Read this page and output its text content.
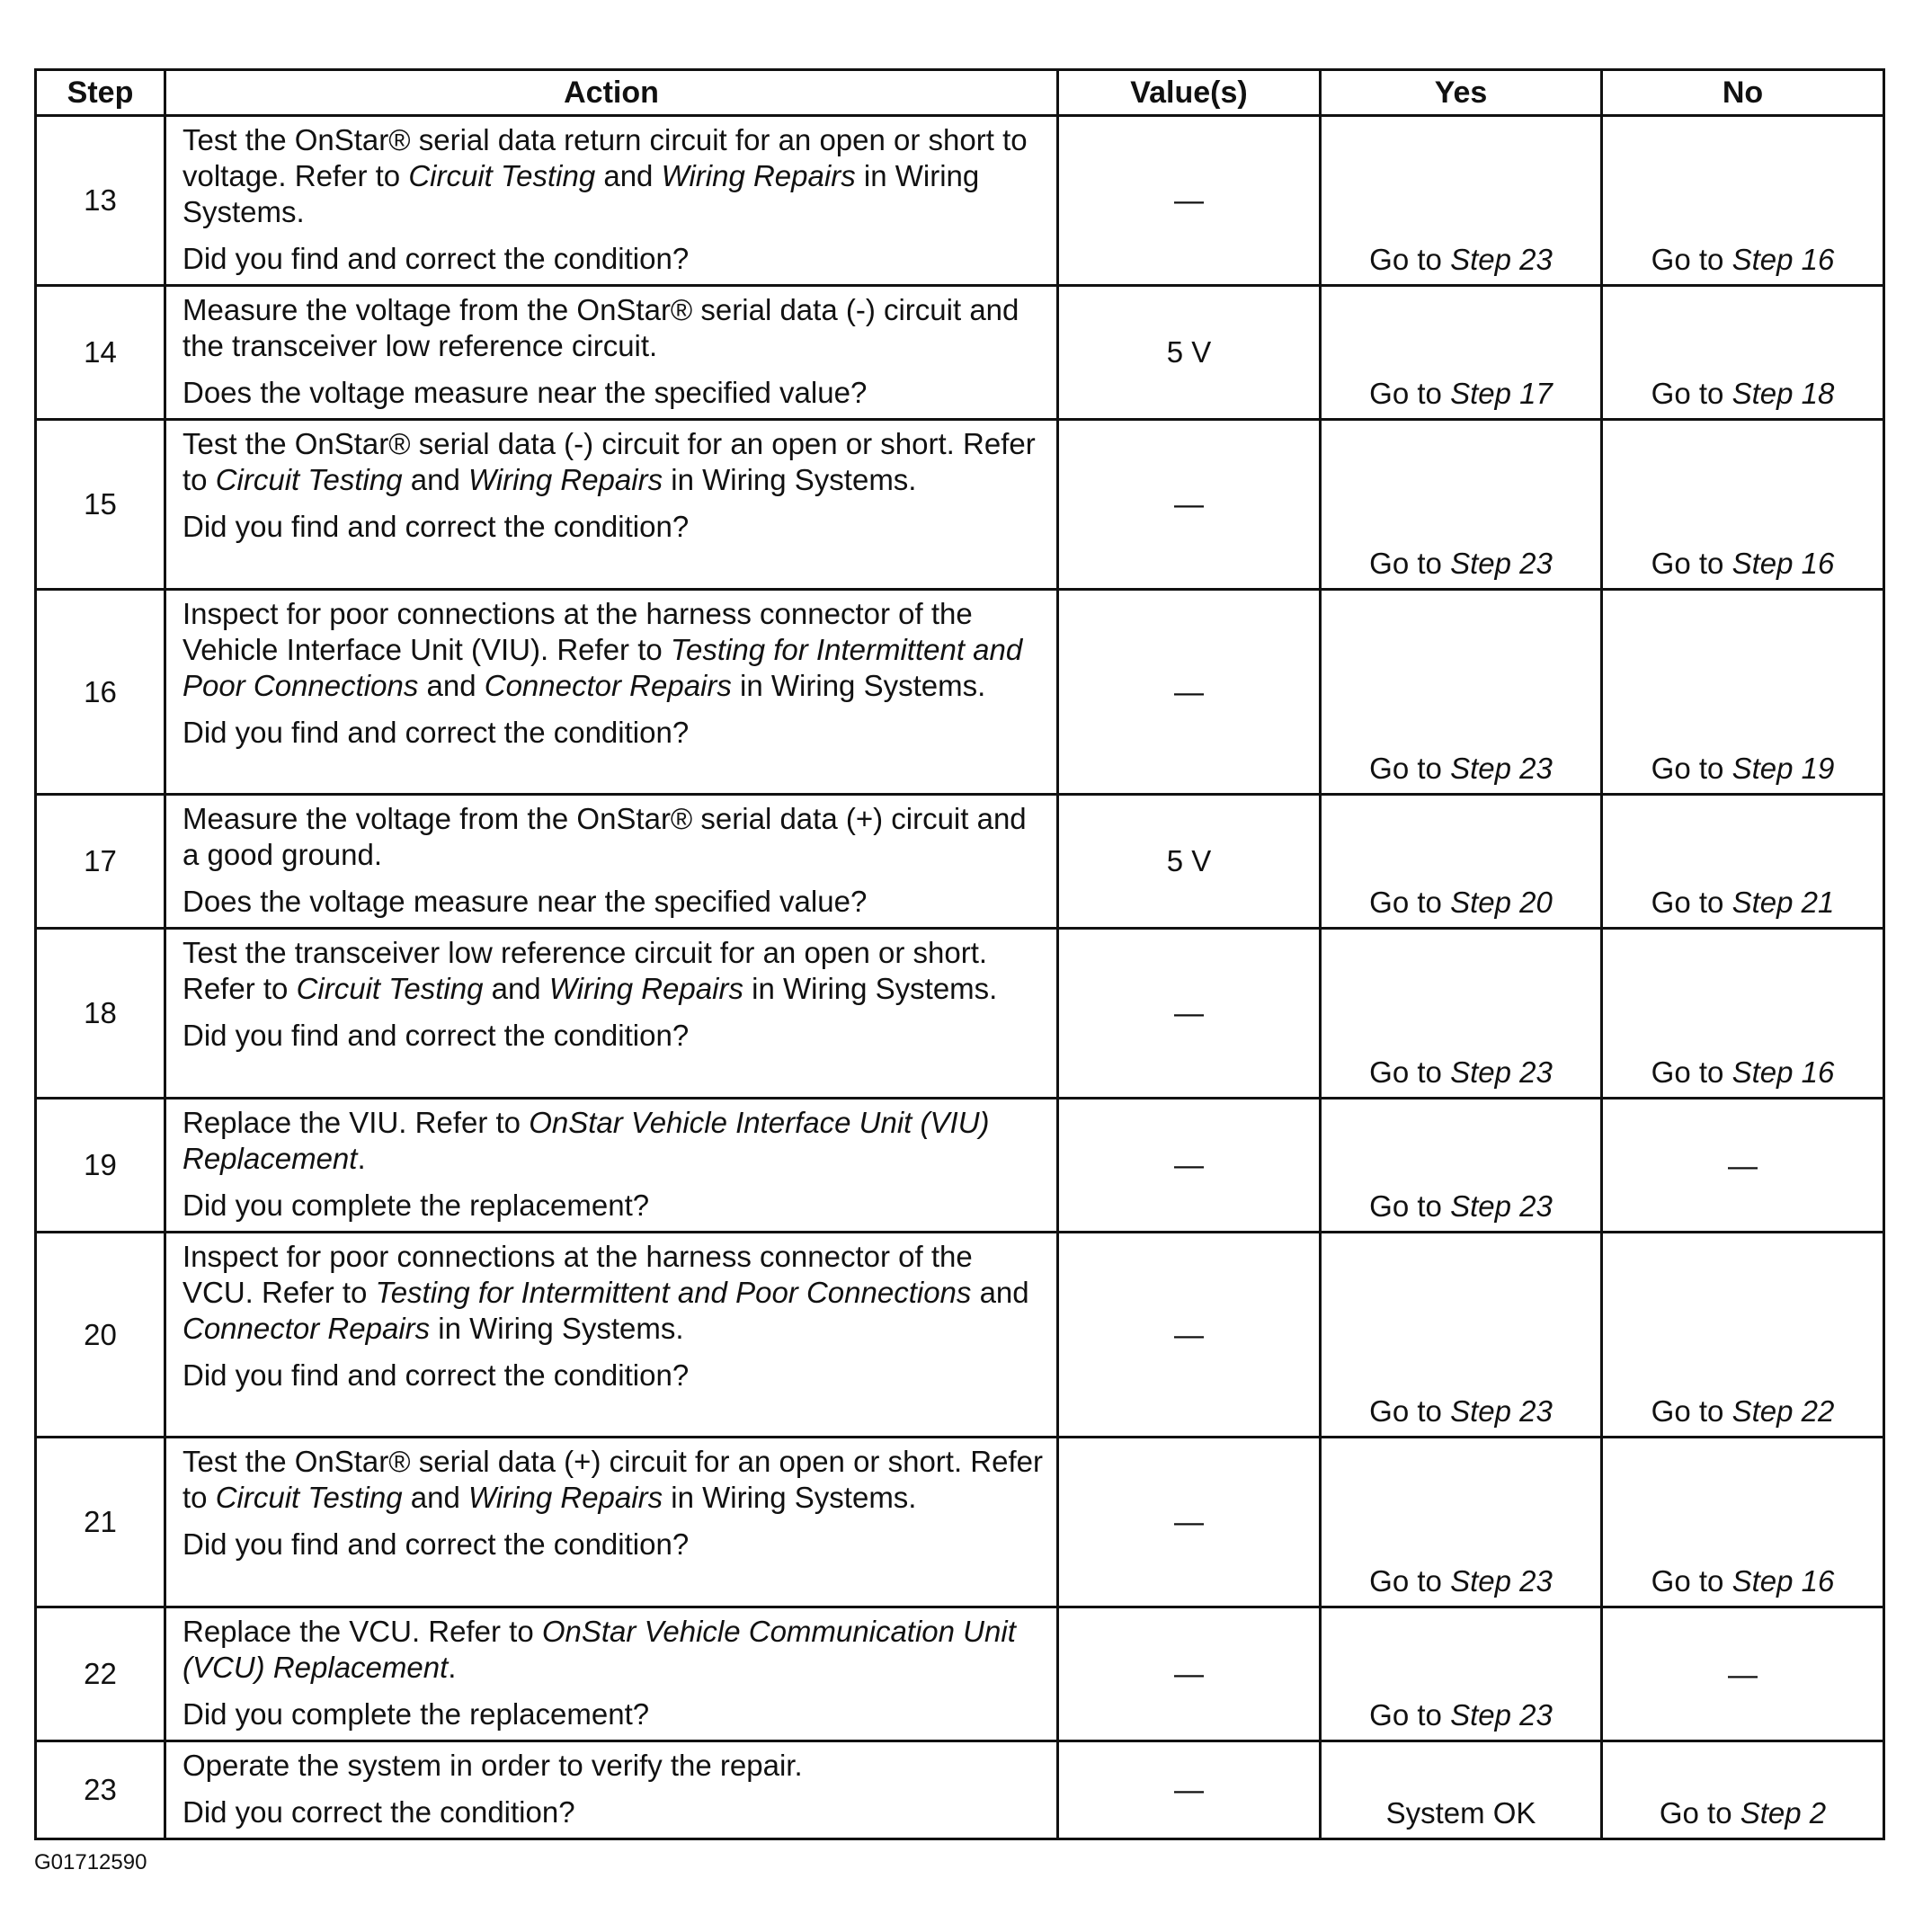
Step	Action	Value(s)	Yes	No
13	Test the OnStar® serial data return circuit for an open or short to voltage. Refer to Circuit Testing and Wiring Repairs in Wiring Systems.
Did you find and correct the condition?	—	Go to Step 23	Go to Step 16
14	Measure the voltage from the OnStar® serial data (-) circuit and the transceiver low reference circuit.
Does the voltage measure near the specified value?	5 V	Go to Step 17	Go to Step 18
15	Test the OnStar® serial data (-) circuit for an open or short. Refer to Circuit Testing and Wiring Repairs in Wiring Systems.
Did you find and correct the condition?	—	Go to Step 23	Go to Step 16
16	Inspect for poor connections at the harness connector of the Vehicle Interface Unit (VIU). Refer to Testing for Intermittent and Poor Connections and Connector Repairs in Wiring Systems.
Did you find and correct the condition?	—	Go to Step 23	Go to Step 19
17	Measure the voltage from the OnStar® serial data (+) circuit and a good ground.
Does the voltage measure near the specified value?	5 V	Go to Step 20	Go to Step 21
18	Test the transceiver low reference circuit for an open or short. Refer to Circuit Testing and Wiring Repairs in Wiring Systems.
Did you find and correct the condition?	—	Go to Step 23	Go to Step 16
19	Replace the VIU. Refer to OnStar Vehicle Interface Unit (VIU) Replacement.
Did you complete the replacement?	—	Go to Step 23	—
20	Inspect for poor connections at the harness connector of the VCU. Refer to Testing for Intermittent and Poor Connections and Connector Repairs in Wiring Systems.
Did you find and correct the condition?	—	Go to Step 23	Go to Step 22
21	Test the OnStar® serial data (+) circuit for an open or short. Refer to Circuit Testing and Wiring Repairs in Wiring Systems.
Did you find and correct the condition?	—	Go to Step 23	Go to Step 16
22	Replace the VCU. Refer to OnStar Vehicle Communication Unit (VCU) Replacement.
Did you complete the replacement?	—	Go to Step 23	—
23	Operate the system in order to verify the repair.
Did you correct the condition?	—	System OK	Go to Step 2
G01712590
